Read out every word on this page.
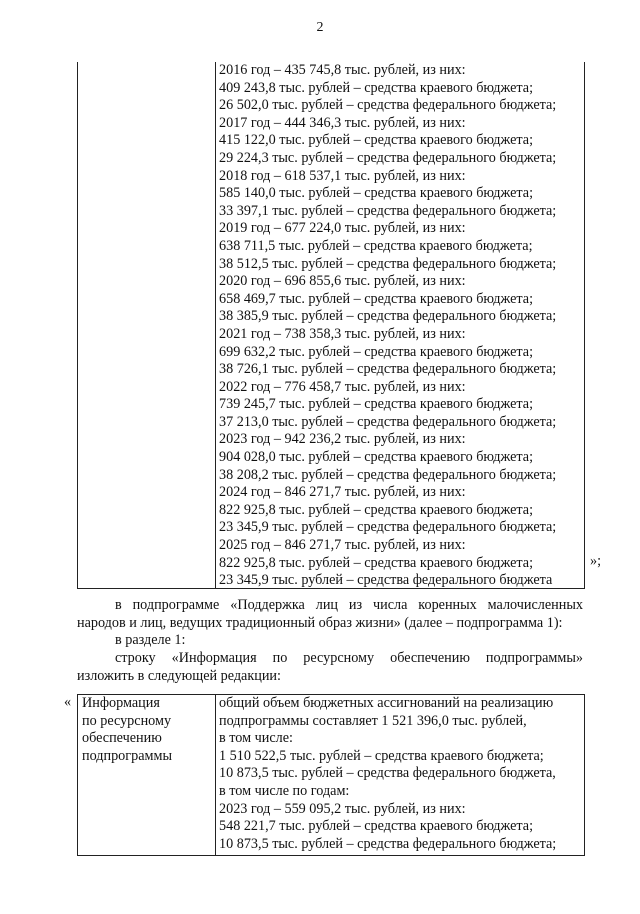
2
2016 год – 435 745,8 тыс. рублей, из них:
409 243,8 тыс. рублей – средства краевого бюджета;
26 502,0 тыс. рублей – средства федерального бюджета;
2017 год – 444 346,3 тыс. рублей, из них:
415 122,0 тыс. рублей – средства краевого бюджета;
29 224,3 тыс. рублей – средства федерального бюджета;
2018 год – 618 537,1 тыс. рублей, из них:
585 140,0 тыс. рублей – средства краевого бюджета;
33 397,1 тыс. рублей – средства федерального бюджета;
2019 год – 677 224,0 тыс. рублей, из них:
638 711,5 тыс. рублей – средства краевого бюджета;
38 512,5 тыс. рублей – средства федерального бюджета;
2020 год – 696 855,6 тыс. рублей, из них:
658 469,7 тыс. рублей – средства краевого бюджета;
38 385,9 тыс. рублей – средства федерального бюджета;
2021 год – 738 358,3 тыс. рублей, из них:
699 632,2 тыс. рублей – средства краевого бюджета;
38 726,1 тыс. рублей – средства федерального бюджета;
2022 год – 776 458,7 тыс. рублей, из них:
739 245,7 тыс. рублей – средства краевого бюджета;
37 213,0 тыс. рублей – средства федерального бюджета;
2023 год – 942 236,2 тыс. рублей, из них:
904 028,0 тыс. рублей – средства краевого бюджета;
38 208,2 тыс. рублей – средства федерального бюджета;
2024 год – 846 271,7 тыс. рублей, из них:
822 925,8 тыс. рублей – средства краевого бюджета;
23 345,9 тыс. рублей – средства федерального бюджета;
2025 год – 846 271,7 тыс. рублей, из них:
822 925,8 тыс. рублей – средства краевого бюджета;
23 345,9 тыс. рублей – средства федерального бюджета
»;
в подпрограмме «Поддержка лиц из числа коренных малочисленных
народов и лиц, ведущих традиционный образ жизни» (далее – подпрограмма 1):
в разделе 1:
строку «Информация по ресурсному обеспечению подпрограммы»
изложить в следующей редакции:
« Информация
по ресурсному
обеспечению
подпрограммы
общий объем бюджетных ассигнований на реализацию
подпрограммы составляет 1 521 396,0 тыс. рублей,
в том числе:
1 510 522,5 тыс. рублей – средства краевого бюджета;
10 873,5 тыс. рублей – средства федерального бюджета,
в том числе по годам:
2023 год – 559 095,2 тыс. рублей, из них:
548 221,7 тыс. рублей – средства краевого бюджета;
10 873,5 тыс. рублей – средства федерального бюджета;
